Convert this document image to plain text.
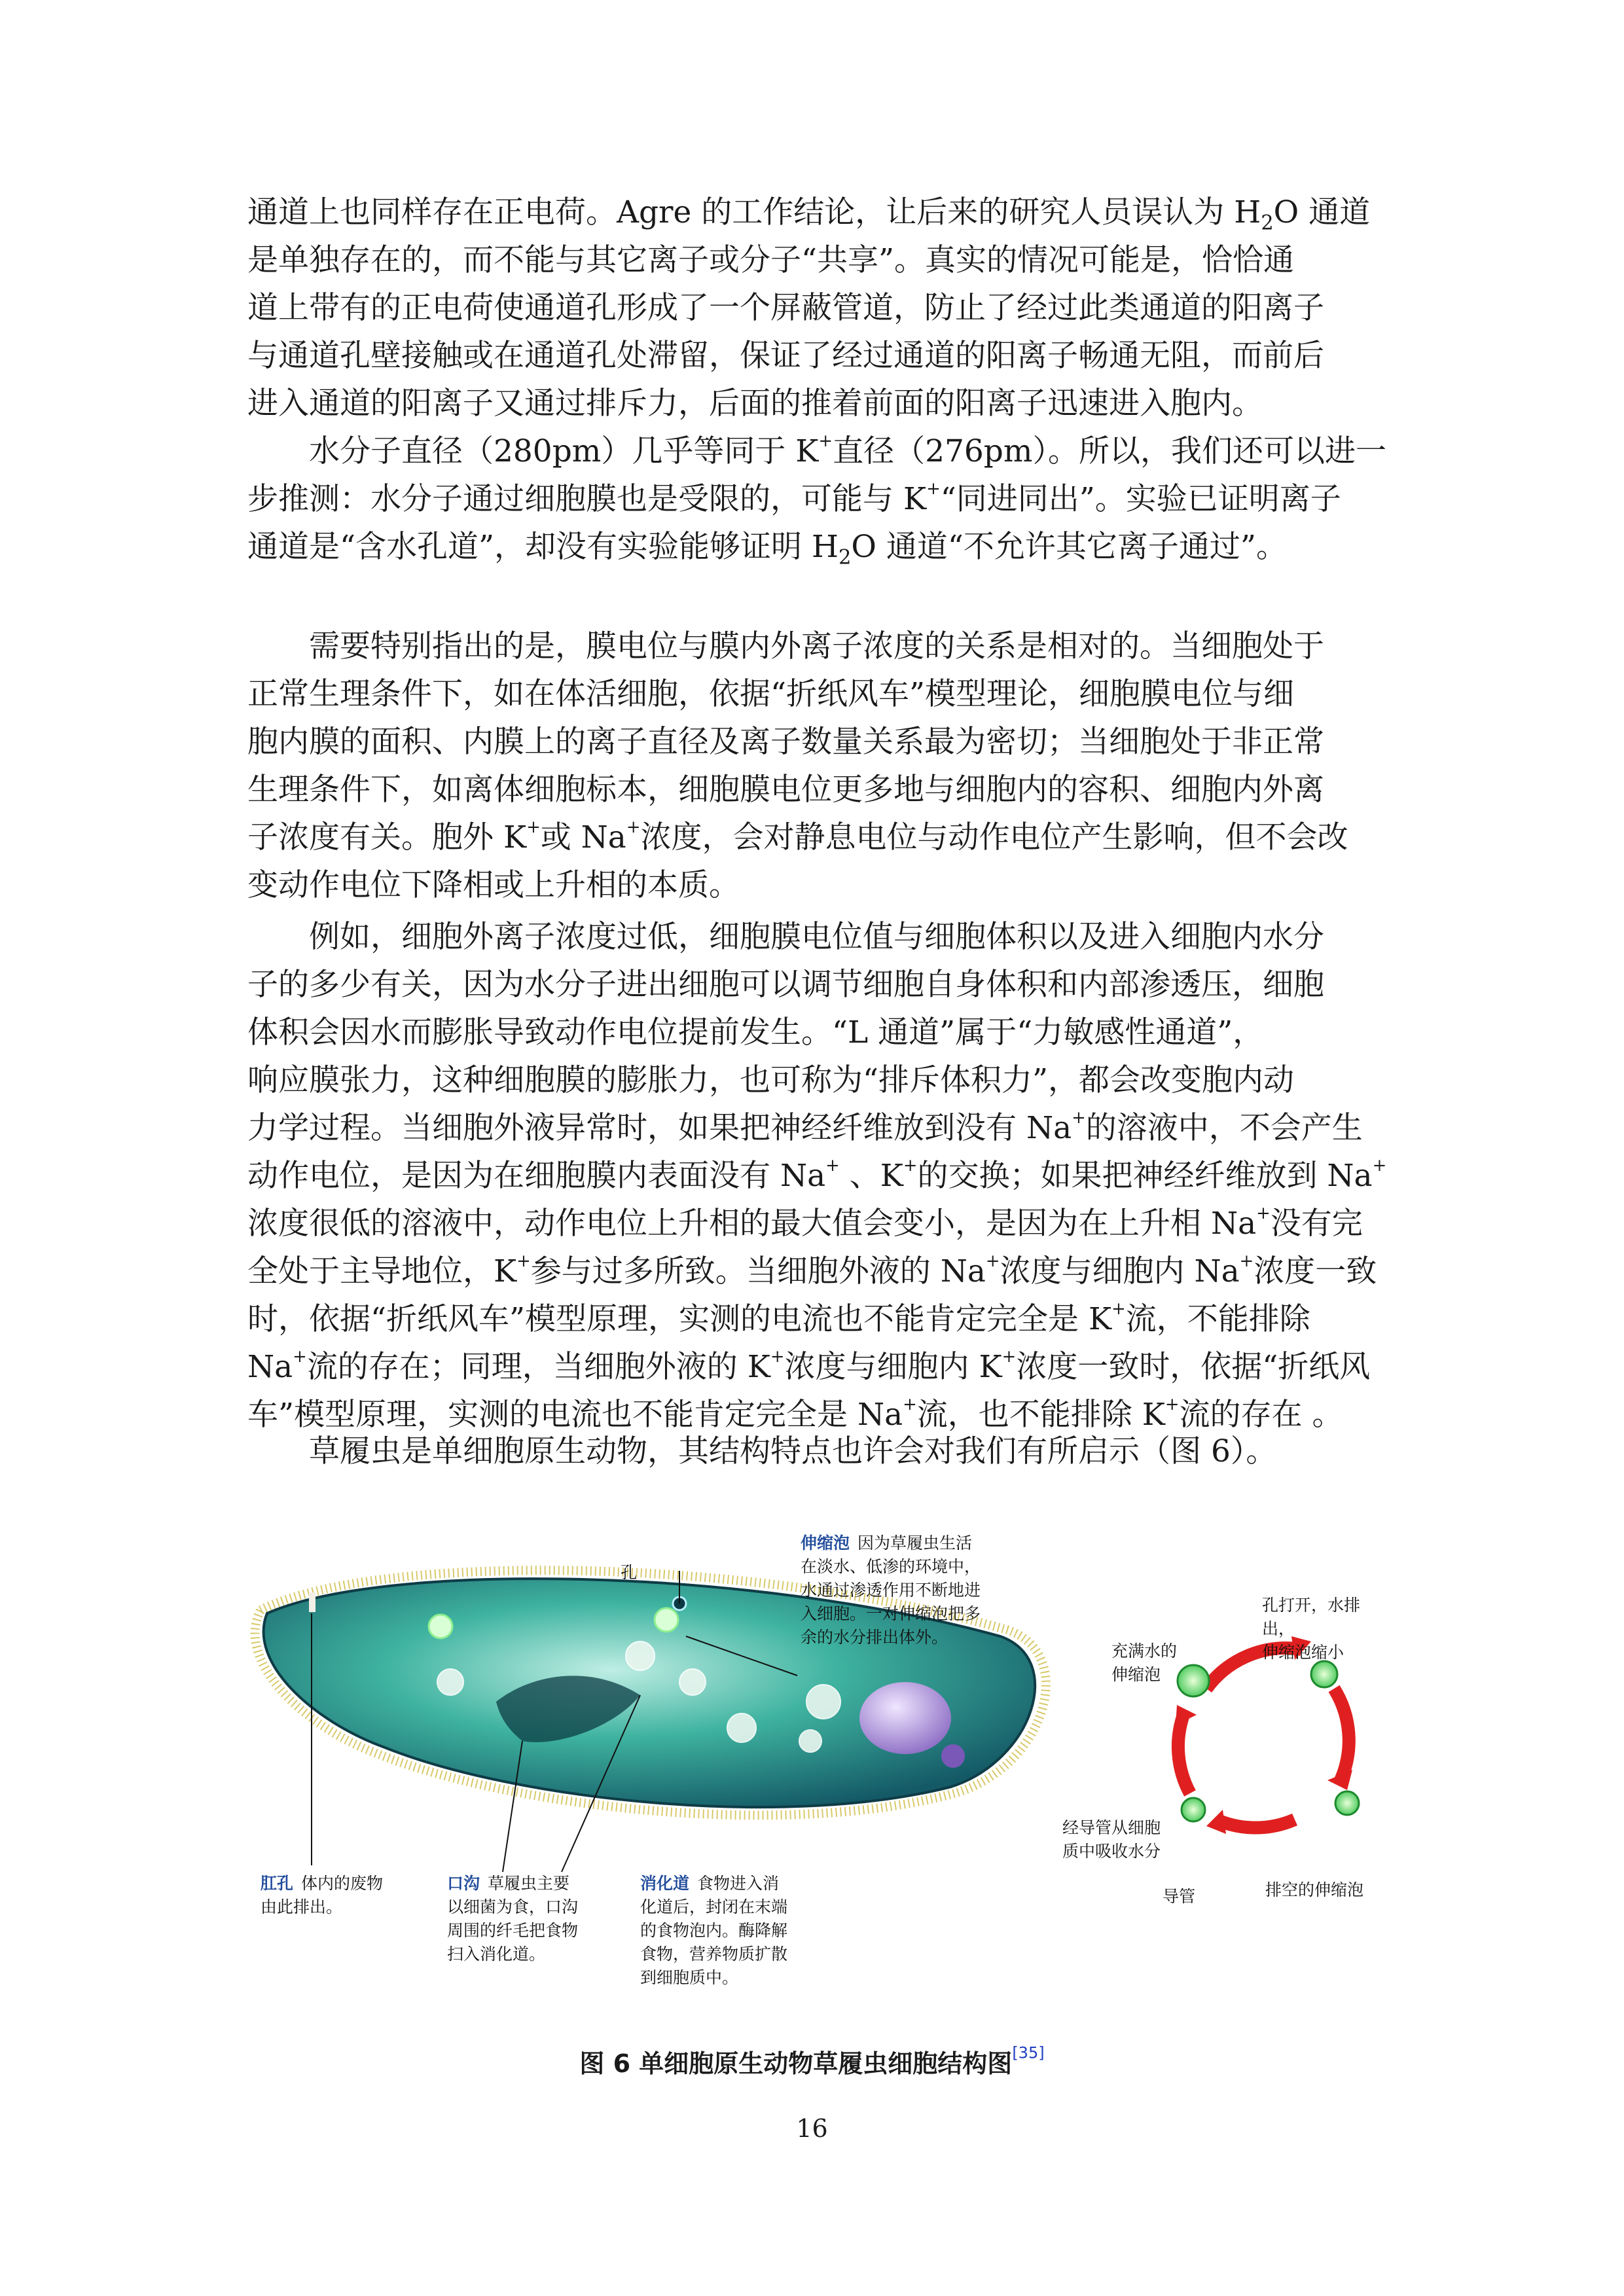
通道上也同样存在正电荷。Agre 的工作结论，让后来的研究人员误认为 $H_2O$ 通道
是单独存在的，而不能与其它离子或分子“共享”。真实的情况可能是，恰恰通
道上带有的正电荷使通道孔形成了一个屏蔽管道，防止了经过此类通道的阳离子
与通道孔壁接触或在通道孔处滞留，保证了经过通道的阳离子畅通无阻，而前后
进入通道的阳离子又通过排斥力，后面的推着前面的阳离子迅速进入胞内。
水分子直径（280pm）几乎等同于 K+直径（276pm）。所以，我们还可以进一
步推测：水分子通过细胞膜也是受限的，可能与 K+“同进同出”。实验已证明离子
通道是“含水孔道”，却没有实验能够证明 $H_2O$ 通道“不允许其它离子通过”。
需要特别指出的是，膜电位与膜内外离子浓度的关系是相对的。当细胞处于
正常生理条件下，如在体活细胞，依据“折纸风车”模型理论，细胞膜电位与细
胞内膜的面积、内膜上的离子直径及离子数量关系最为密切；当细胞处于非正常
生理条件下，如离体细胞标本，细胞膜电位更多地与细胞内的容积、细胞内外离
子浓度有关。胞外 K+或 Na+浓度，会对静息电位与动作电位产生影响，但不会改
变动作电位下降相或上升相的本质。
例如，细胞外离子浓度过低，细胞膜电位值与细胞体积以及进入细胞内水分
子的多少有关，因为水分子进出细胞可以调节细胞自身体积和内部渗透压，细胞
体积会因水而膨胀导致动作电位提前发生。“L 通道”属于“力敏感性通道”，
响应膜张力，这种细胞膜的膨胀力，也可称为“排斥体积力”，都会改变胞内动
力学过程。当细胞外液异常时，如果把神经纤维放到没有 Na+的溶液中，不会产生
动作电位，是因为在细胞膜内表面没有 Na+ 、K+的交换；如果把神经纤维放到 Na+
浓度很低的溶液中，动作电位上升相的最大值会变小，是因为在上升相 Na+没有完
全处于主导地位，K+参与过多所致。当细胞外液的 Na+浓度与细胞内 Na+浓度一致
时，依据“折纸风车”模型原理，实测的电流也不能肯定完全是 K+流，不能排除
Na+流的存在；同理，当细胞外液的 K+浓度与细胞内 K+浓度一致时，依据“折纸风
车”模型原理，实测的电流也不能肯定完全是 Na+流，也不能排除 K+流的存在 。
草履虫是单细胞原生动物，其结构特点也许会对我们有所启示（图 6）。
孔
伸缩泡 因为草履虫生活
在淡水、低渗的环境中，
水通过渗透作用不断地进
入细胞。一对伸缩泡把多
余的水分排出体外。
肛孔 体内的废物
由此排出。
口沟 草履虫主要
以细菌为食，口沟
周围的纤毛把食物
扫入消化道。
消化道 食物进入消
化道后，封闭在末端
的食物泡内。酶降解
食物，营养物质扩散
到细胞质中。
充满水的
伸缩泡
孔打开，水排出，
伸缩泡缩小
经导管从细胞
质中吸收水分
导管	排空的伸缩泡
图 6 单细胞原生动物草履虫细胞结构图[35]
16
